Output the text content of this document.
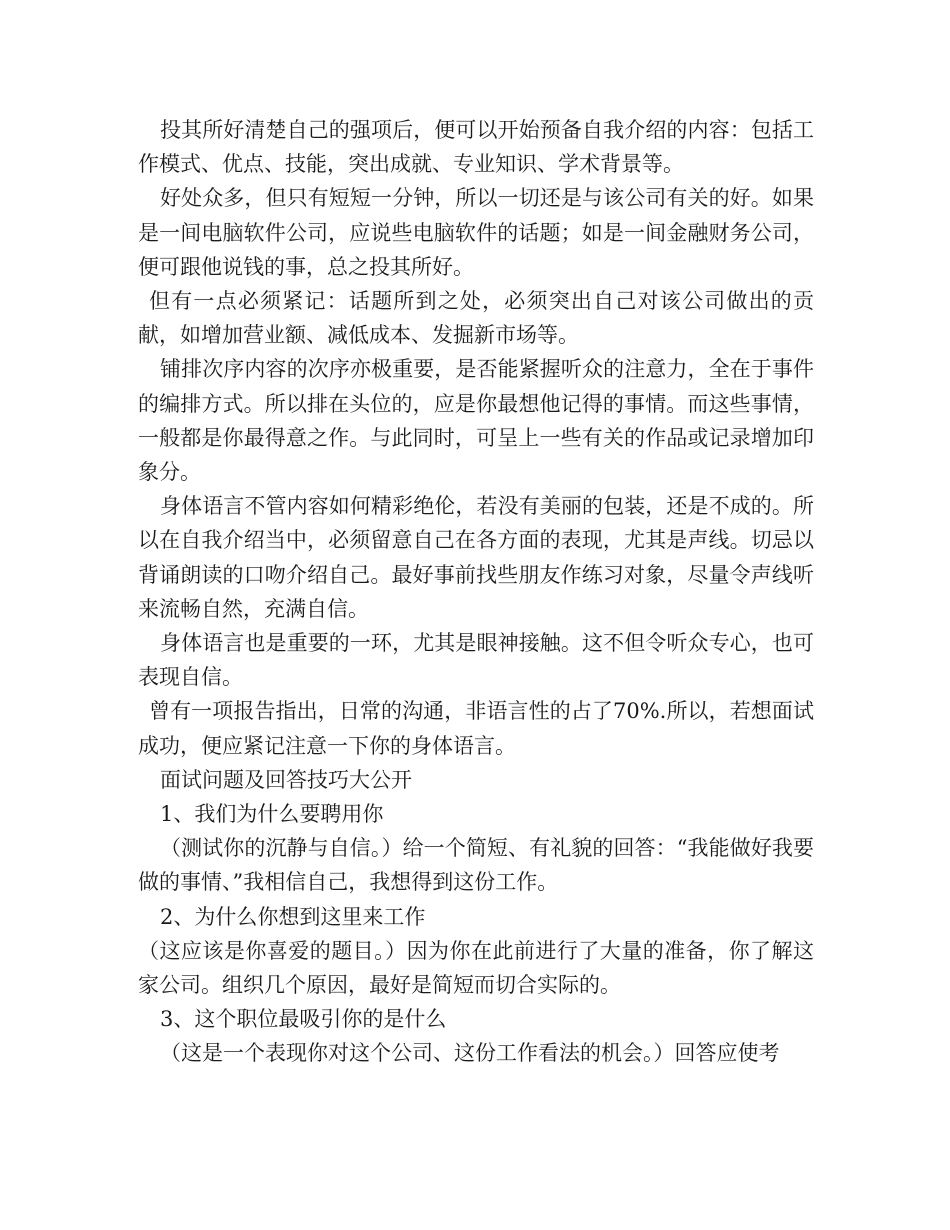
投其所好清楚自己的强项后，便可以开始预备自我介绍的内容：包括工作模式、优点、技能，突出成就、专业知识、学术背景等。

好处众多，但只有短短一分钟，所以一切还是与该公司有关的好。如果是一间电脑软件公司，应说些电脑软件的话题；如是一间金融财务公司，便可跟他说钱的事，总之投其所好。

但有一点必须紧记：话题所到之处，必须突出自己对该公司做出的贡献，如增加营业额、减低成本、发掘新市场等。

铺排次序内容的次序亦极重要，是否能紧握听众的注意力，全在于事件的编排方式。所以排在头位的，应是你最想他记得的事情。而这些事情，一般都是你最得意之作。与此同时，可呈上一些有关的作品或记录增加印象分。

身体语言不管内容如何精彩绝伦，若没有美丽的包装，还是不成的。所以在自我介绍当中，必须留意自己在各方面的表现，尤其是声线。切忌以背诵朗读的口吻介绍自己。最好事前找些朋友作练习对象，尽量令声线听来流畅自然，充满自信。

身体语言也是重要的一环，尤其是眼神接触。这不但令听众专心，也可表现自信。

曾有一项报告指出，日常的沟通，非语言性的占了70%.所以，若想面试成功，便应紧记注意一下你的身体语言。

面试问题及回答技巧大公开

1、我们为什么要聘用你

（测试你的沉静与自信。）给一个简短、有礼貌的回答：“我能做好我要做的事情、”我相信自己，我想得到这份工作。

2、为什么你想到这里来工作

（这应该是你喜爱的题目。）因为你在此前进行了大量的准备，你了解这家公司。组织几个原因，最好是简短而切合实际的。

3、这个职位最吸引你的是什么

（这是一个表现你对这个公司、这份工作看法的机会。）回答应使考
